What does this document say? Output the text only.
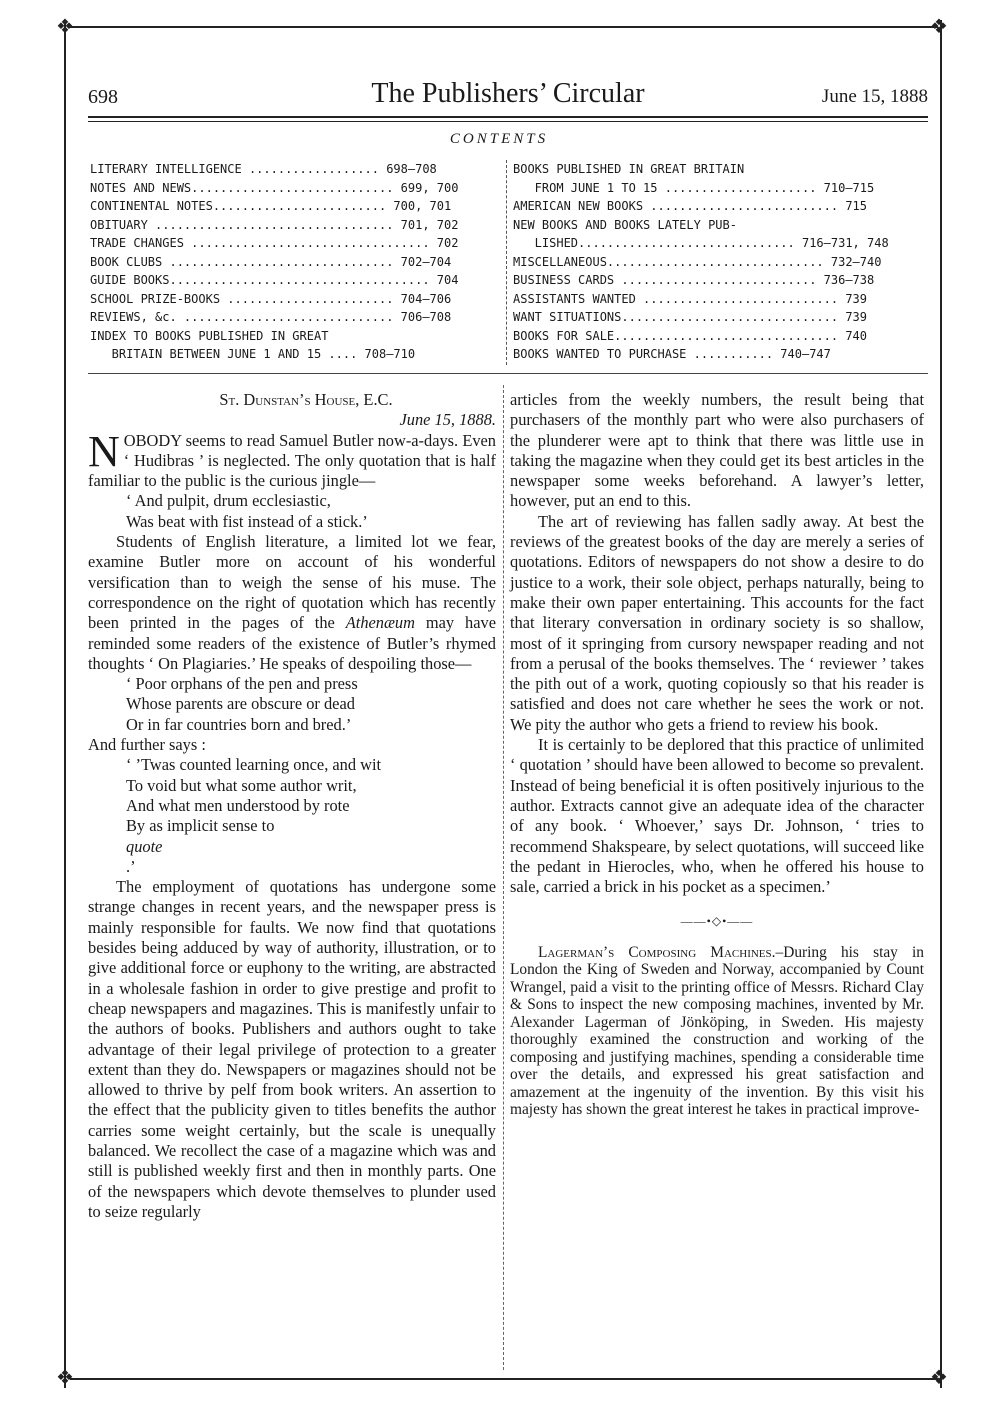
❖	❖
❖	❖
698	The Publishers’ Circular	June 15, 1888
CONTENTS
LITERARY INTELLIGENCE .................. 698—708
NOTES AND NEWS............................ 699, 700
CONTINENTAL NOTES........................ 700, 701
OBITUARY ................................. 701, 702
TRADE CHANGES ................................. 702
BOOK CLUBS ............................... 702—704
GUIDE BOOKS.................................... 704
SCHOOL PRIZE-BOOKS ....................... 704—706
REVIEWS, &c. ............................. 706—708
INDEX TO BOOKS PUBLISHED IN GREAT
BRITAIN BETWEEN JUNE 1 AND 15 .... 708—710
BOOKS PUBLISHED IN GREAT BRITAIN
FROM JUNE 1 TO 15 ..................... 710—715
AMERICAN NEW BOOKS .......................... 715
NEW BOOKS AND BOOKS LATELY PUB-
LISHED.............................. 716—731, 748
MISCELLANEOUS.............................. 732—740
BUSINESS CARDS ........................... 736—738
ASSISTANTS WANTED ........................... 739
WANT SITUATIONS.............................. 739
BOOKS FOR SALE............................... 740
BOOKS WANTED TO PURCHASE ........... 740—747

St. Dunstan’s House, E.C.

June 15, 1888.

NOBODY seems to read Samuel Butler now-a-days. Even ‘ Hudibras ’ is neglected. The only quotation that is half familiar to the public is the curious jingle—

‘ And pulpit, drum ecclesiastic,
Was beat with fist instead of a stick.’

Students of English literature, a limited lot we fear, examine Butler more on account of his wonderful versification than to weigh the sense of his muse. The correspondence on the right of quotation which has recently been printed in the pages of the Athenæum may have reminded some readers of the existence of Butler’s rhymed thoughts ‘ On Plagiaries.’ He speaks of despoiling those—

‘ Poor orphans of the pen and press
Whose parents are obscure or dead
Or in far countries born and bred.’

And further says :

‘ ’Twas counted learning once, and wit
To void but what some author writ,
And what men understood by rote
By as implicit sense to
quote
.’

The employment of quotations has undergone some strange changes in recent years, and the newspaper press is mainly responsible for faults. We now find that quotations besides being adduced by way of authority, illustration, or to give additional force or euphony to the writing, are abstracted in a wholesale fashion in order to give prestige and profit to cheap newspapers and magazines. This is manifestly unfair to the authors of books. Publishers and authors ought to take advantage of their legal privilege of protection to a greater extent than they do. Newspapers or magazines should not be allowed to thrive by pelf from book writers. An assertion to the effect that the publicity given to titles benefits the author carries some weight certainly, but the scale is unequally balanced. We recollect the case of a magazine which was and still is published weekly first and then in monthly parts. One of the newspapers which devote themselves to plunder used to seize regularly

articles from the weekly numbers, the result being that purchasers of the monthly part who were also purchasers of the plunderer were apt to think that there was little use in taking the magazine when they could get its best articles in the newspaper some weeks beforehand. A lawyer’s letter, however, put an end to this.

The art of reviewing has fallen sadly away. At best the reviews of the greatest books of the day are merely a series of quotations. Editors of newspapers do not show a desire to do justice to a work, their sole object, perhaps naturally, being to make their own paper entertaining. This accounts for the fact that literary conversation in ordinary society is so shallow, most of it springing from cursory newspaper reading and not from a perusal of the books themselves. The ‘ reviewer ’ takes the pith out of a work, quoting copiously so that his reader is satisfied and does not care whether he sees the work or not. We pity the author who gets a friend to review his book.

It is certainly to be deplored that this practice of unlimited ‘ quotation ’ should have been allowed to become so prevalent. Instead of being beneficial it is often positively injurious to the author. Extracts cannot give an adequate idea of the character of any book. ‘ Whoever,’ says Dr. Johnson, ‘ tries to recommend Shakspeare, by select quotations, will succeed like the pedant in Hierocles, who, when he offered his house to sale, carried a brick in his pocket as a specimen.’

——•◇•——

Lagerman’s Composing Machines.–During his stay in London the King of Sweden and Norway, accompanied by Count Wrangel, paid a visit to the printing office of Messrs. Richard Clay & Sons to inspect the new composing machines, invented by Mr. Alexander Lagerman of Jönköping, in Sweden. His majesty thoroughly examined the construction and working of the composing and justifying machines, spending a considerable time over the details, and expressed his great satisfaction and amazement at the ingenuity of the invention. By this visit his majesty has shown the great interest he takes in practical improve-
